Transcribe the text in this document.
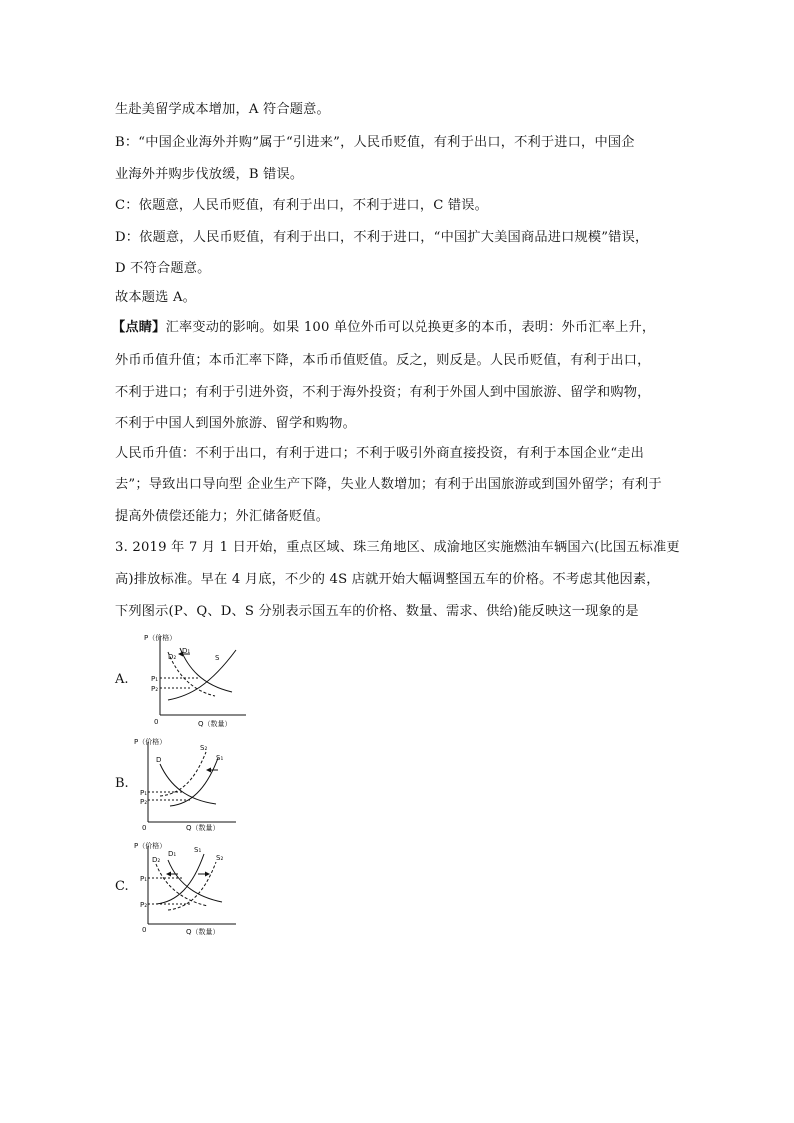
生赴美留学成本增加，A 符合题意。
B：“中国企业海外并购”属于“引进来”，人民币贬值，有利于出口，不利于进口，中国企
业海外并购步伐放缓，B 错误。
C：依题意，人民币贬值，有利于出口，不利于进口，C 错误。
D：依题意，人民币贬值，有利于出口，不利于进口，“中国扩大美国商品进口规模”错误，
D 不符合题意。
故本题选 A。
【点睛】汇率变动的影响。如果 100 单位外币可以兑换更多的本币，表明：外币汇率上升，
外币币值升值；本币汇率下降，本币币值贬值。反之，则反是。人民币贬值，有利于出口，
不利于进口；有利于引进外资，不利于海外投资；有利于外国人到中国旅游、留学和购物，
不利于中国人到国外旅游、留学和购物。
人民币升值：不利于出口，有利于进口；不利于吸引外商直接投资，有利于本国企业“走出
去”；导致出口导向型 企业生产下降，失业人数增加；有利于出国旅游或到国外留学；有利于
提高外债偿还能力；外汇储备贬值。
3. 2019 年 7 月 1 日开始，重点区域、珠三角地区、成渝地区实施燃油车辆国六(比国五标准更
高)排放标准。早在 4 月底，不少的 4S 店就开始大幅调整国五车的价格。不考虑其他因素，
下列图示(P、Q、D、S 分别表示国五车的价格、数量、需求、供给)能反映这一现象的是
A.
P（价格）
Q（数量）
0
D₂
D₁
S
P₁
P₂
B.
P（价格）
Q（数量）
0
D
S₂
S₁
P₁
P₂
C.
P（价格）
Q（数量）
0
D₂
D₁	S₁
S₂
P₁
P₂
